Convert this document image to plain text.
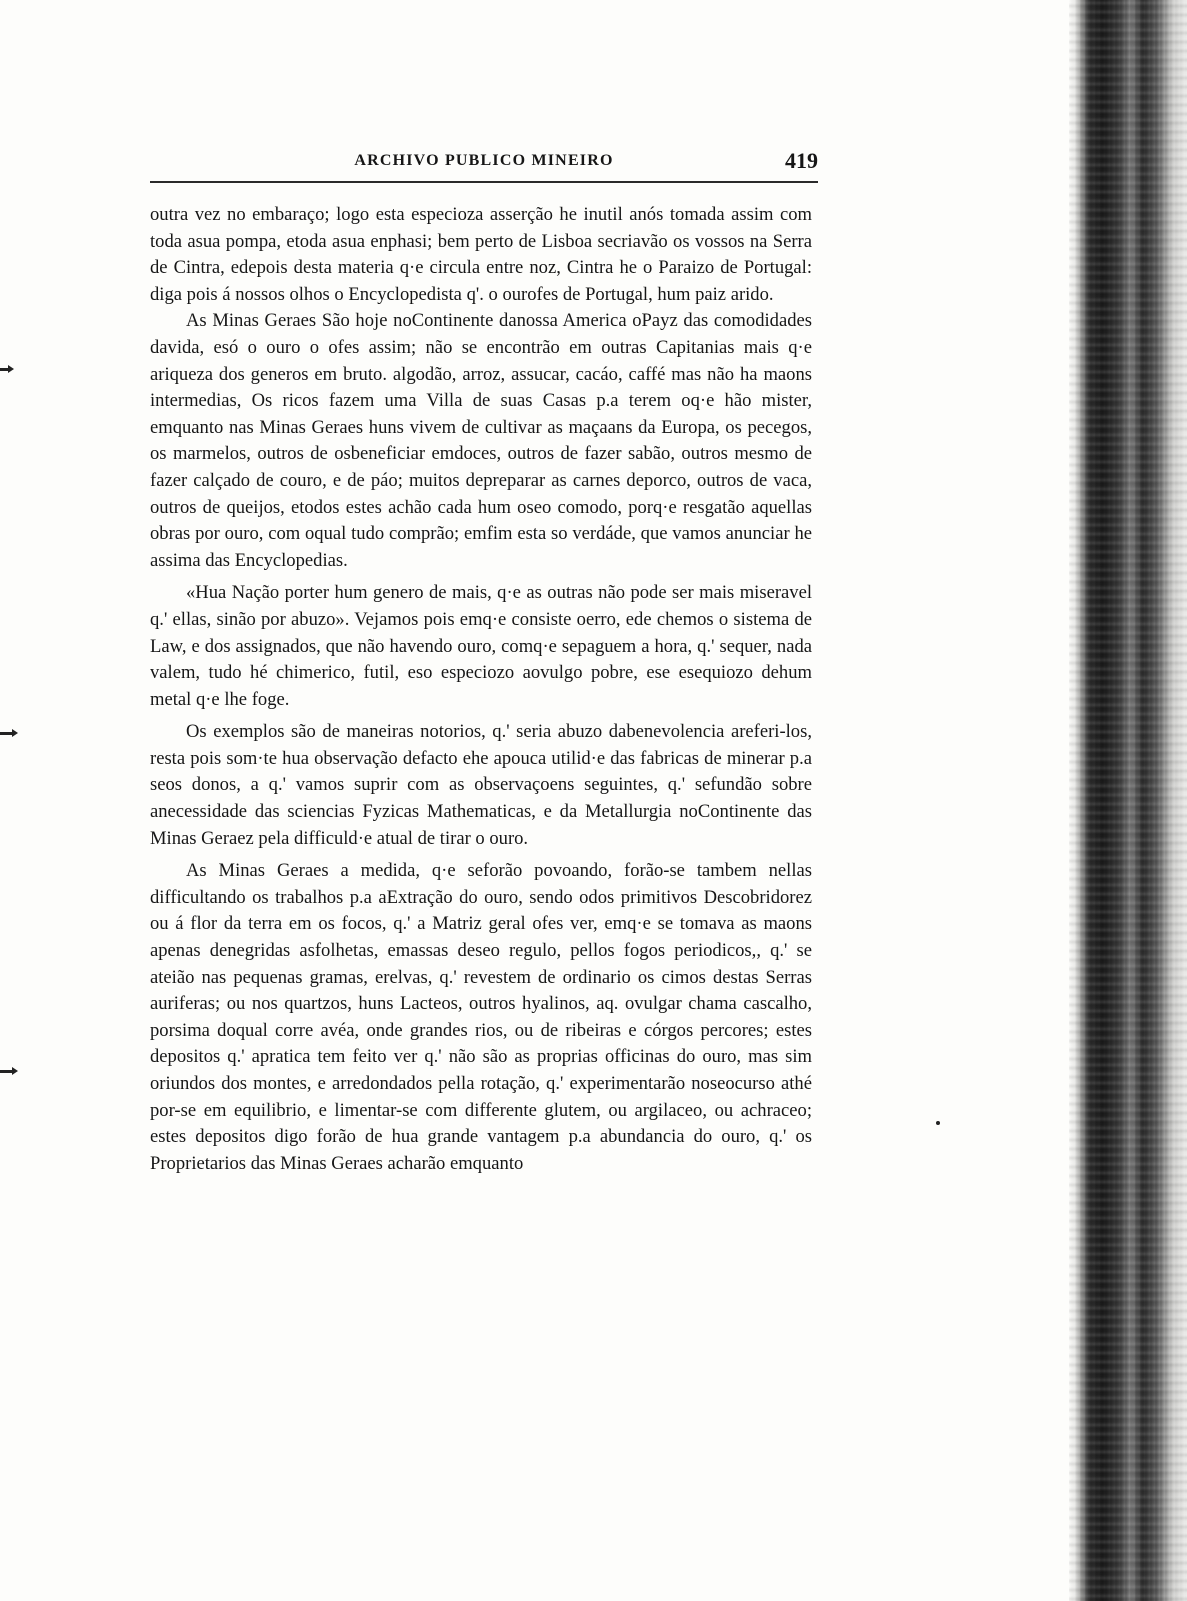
ARCHIVO PUBLICO MINEIRO	419

outra vez no embaraço; logo esta especioza asserção he inutil anós tomada assim com toda asua pompa, etoda asua enphasi; bem perto de Lisboa secriavão os vossos na Serra de Cintra, edepois desta materia q·e circula entre noz, Cintra he o Paraizo de Portugal: diga pois á nossos olhos o Encyclopedista q'. o ourofes de Portugal, hum paiz arido.

As Minas Geraes São hoje noContinente danossa America oPayz das comodidades davida, esó o ouro o ofes assim; não se encontrão em outras Capitanias mais q·e ariqueza dos generos em bruto. algodão, arroz, assucar, cacáo, caffé mas não ha maons intermedias, Os ricos fazem uma Villa de suas Casas p.a terem oq·e hão mister, emquanto nas Minas Geraes huns vivem de cultivar as maçaans da Europa, os pecegos, os marmelos, outros de osbeneficiar emdoces, outros de fazer sabão, outros mesmo de fazer calçado de couro, e de páo; muitos depreparar as carnes deporco, outros de vaca, outros de queijos, etodos estes achão cada hum oseo comodo, porq·e resgatão aquellas obras por ouro, com oqual tudo comprão; emfim esta so verdáde, que vamos anunciar he assima das Encyclopedias.

«Hua Nação porter hum genero de mais, q·e as outras não pode ser mais miseravel q.' ellas, sinão por abuzo». Vejamos pois emq·e consiste oerro, ede chemos o sistema de Law, e dos assignados, que não havendo ouro, comq·e sepaguem a hora, q.' sequer, nada valem, tudo hé chimerico, futil, eso especiozo aovulgo pobre, ese esequiozo dehum metal q·e lhe foge.

Os exemplos são de maneiras notorios, q.' seria abuzo dabenevolencia areferi-los, resta pois som·te hua observação defacto ehe apouca utilid·e das fabricas de minerar p.a seos donos, a q.' vamos suprir com as observaçoens seguintes, q.' sefundão sobre anecessidade das sciencias Fyzicas Mathematicas, e da Metallurgia noContinente das Minas Geraez pela difficuld·e atual de tirar o ouro.

As Minas Geraes a medida, q·e seforão povoando, forão-se tambem nellas difficultando os trabalhos p.a aExtração do ouro, sendo odos primitivos Descobridorez ou á flor da terra em os focos, q.' a Matriz geral ofes ver, emq·e se tomava as maons apenas denegridas asfolhetas, emassas deseo regulo, pellos fogos periodicos,, q.' se ateião nas pequenas gramas, erelvas, q.' revestem de ordinario os cimos destas Serras auriferas; ou nos quartzos, huns Lacteos, outros hyalinos, aq. ovulgar chama cascalho, porsima doqual corre avéa, onde grandes rios, ou de ribeiras e córgos percores; estes depositos q.' apratica tem feito ver q.' não são as proprias officinas do ouro, mas sim oriundos dos montes, e arredondados pella rotação, q.' experimentarão noseocurso athé por-se em equilibrio, e limentar-se com differente glutem, ou argilaceo, ou achraceo; estes depositos digo forão de hua grande vantagem p.a abundancia do ouro, q.' os Proprietarios das Minas Geraes acharão emquanto
